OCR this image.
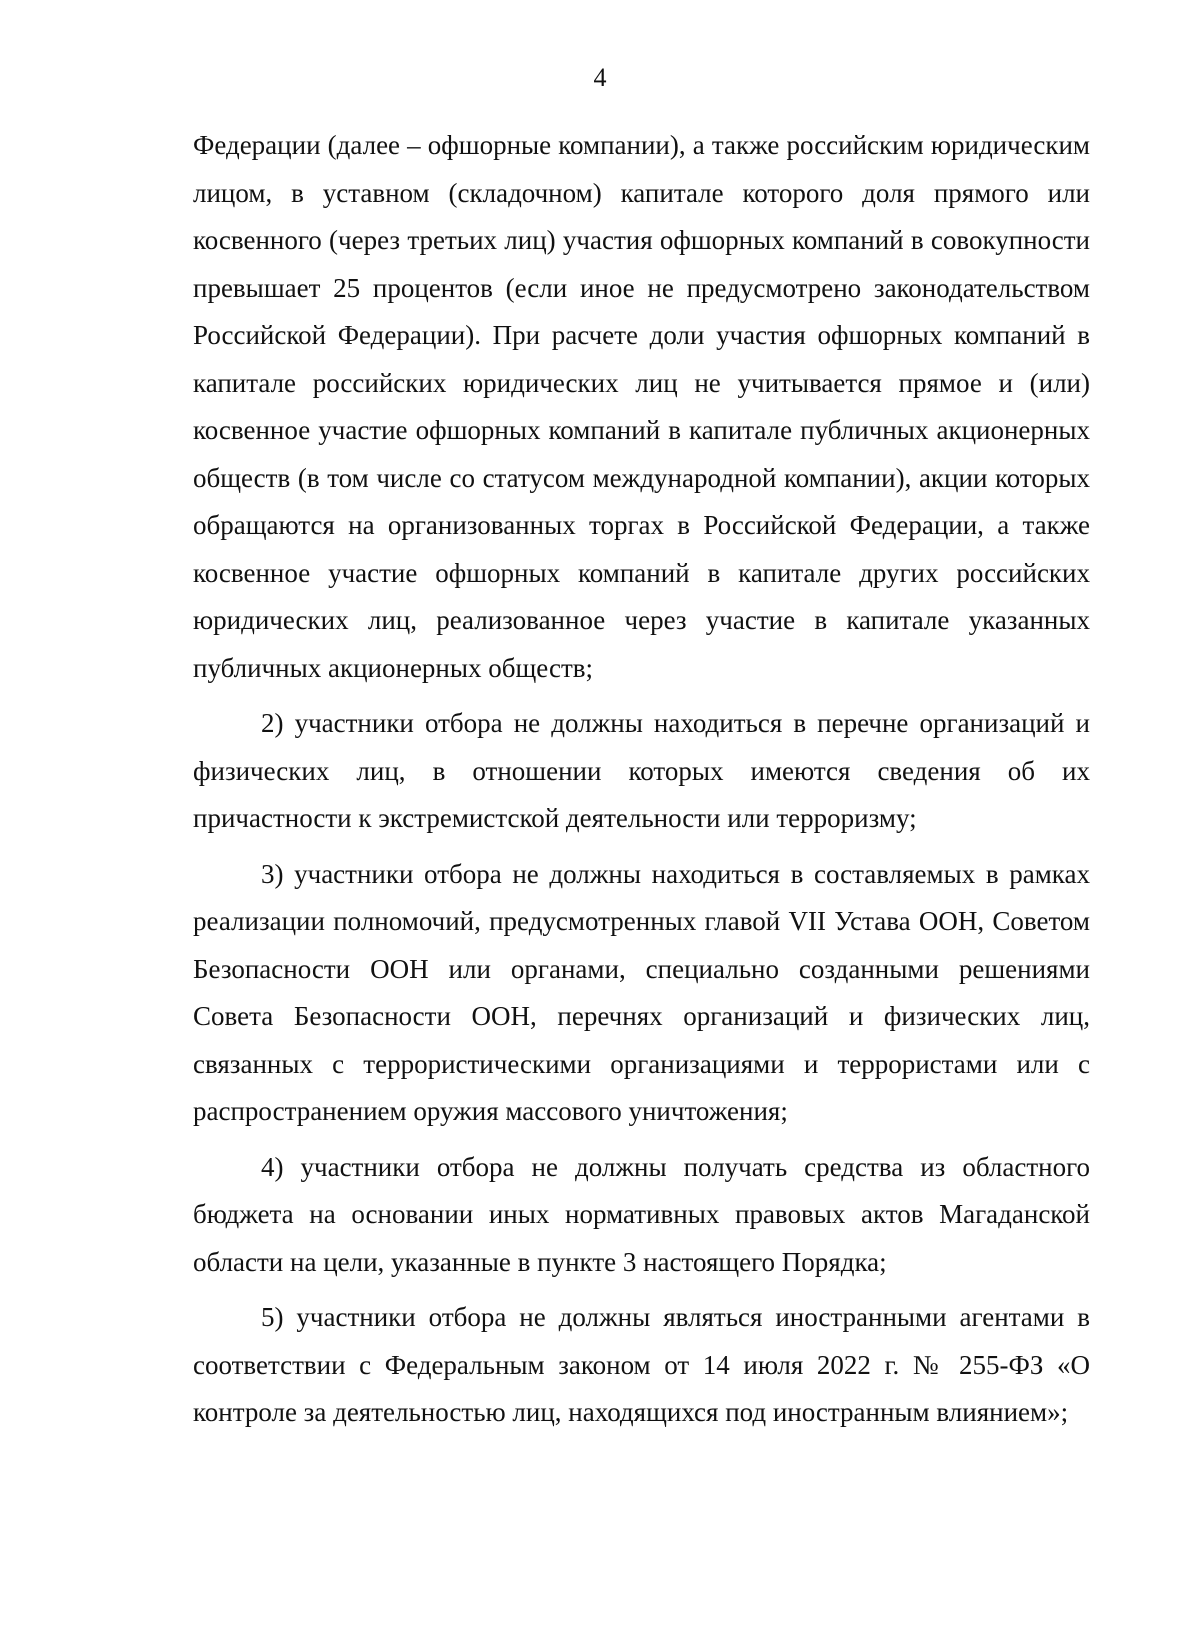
4

Федерации (далее – офшорные компании), а также российским юридическим лицом, в уставном (складочном) капитале которого доля прямого или косвенного (через третьих лиц) участия офшорных компаний в совокупности превышает 25 процентов (если иное не предусмотрено законодательством Российской Федерации). При расчете доли участия офшорных компаний в капитале российских юридических лиц не учитывается прямое и (или) косвенное участие офшорных компаний в капитале публичных акционерных обществ (в том числе со статусом международной компании), акции которых обращаются на организованных торгах в Российской Федерации, а также косвенное участие офшорных компаний в капитале других российских юридических лиц, реализованное через участие в капитале указанных публичных акционерных обществ;

2) участники отбора не должны находиться в перечне организаций и физических лиц, в отношении которых имеются сведения об их причастности к экстремистской деятельности или терроризму;

3) участники отбора не должны находиться в составляемых в рамках реализации полномочий, предусмотренных главой VII Устава ООН, Советом Безопасности ООН или органами, специально созданными решениями Совета Безопасности ООН, перечнях организаций и физических лиц, связанных с террористическими организациями и террористами или с распространением оружия массового уничтожения;

4) участники отбора не должны получать средства из областного бюджета на основании иных нормативных правовых актов Магаданской области на цели, указанные в пункте 3 настоящего Порядка;

5) участники отбора не должны являться иностранными агентами в соответствии с Федеральным законом от 14 июля 2022 г. № 255-ФЗ «О контроле за деятельностью лиц, находящихся под иностранным влиянием»;
